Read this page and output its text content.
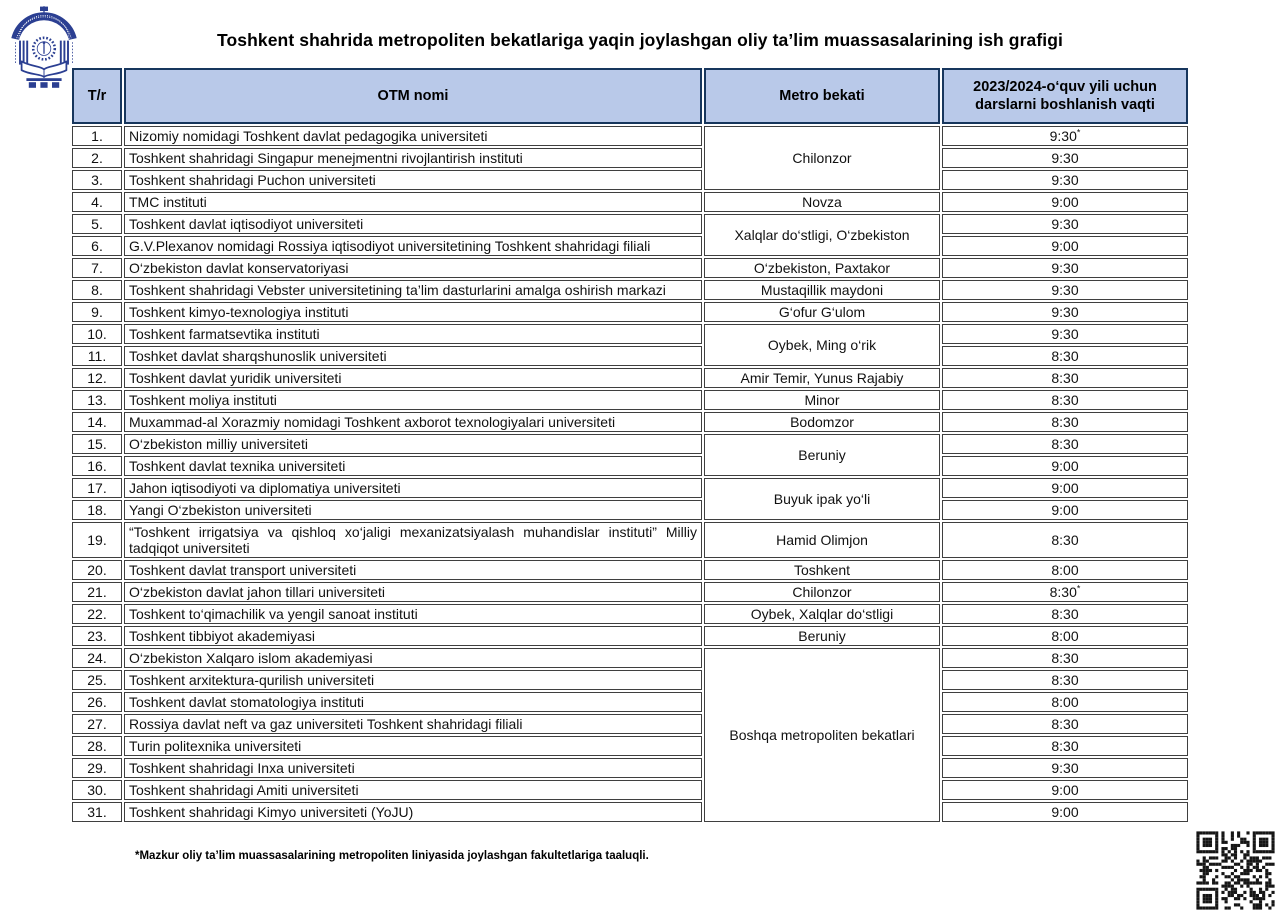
Toshkent shahrida metropoliten bekatlariga yaqin joylashgan oliy ta’lim muassasalarining ish grafigi
T/r	OTM nomi	Metro bekati	2023/2024-o‘quv yili uchun darslarni boshlanish vaqti
1.	Nizomiy nomidagi Toshkent davlat pedagogika universiteti	Chilonzor	9:30*
2.	Toshkent shahridagi Singapur menejmentni rivojlantirish instituti		9:30
3.	Toshkent shahridagi Puchon universiteti		9:30
4.	TMC instituti	Novza	9:00
5.	Toshkent davlat iqtisodiyot universiteti	Xalqlar do‘stligi, O‘zbekiston	9:30
6.	G.V.Plexanov nomidagi Rossiya iqtisodiyot universitetining Toshkent shahridagi filiali		9:00
7.	O‘zbekiston davlat konservatoriyasi	O‘zbekiston, Paxtakor	9:30
8.	Toshkent shahridagi Vebster universitetining ta’lim dasturlarini amalga oshirish markazi	Mustaqillik maydoni	9:30
9.	Toshkent kimyo-texnologiya instituti	G‘ofur G‘ulom	9:30
10.	Toshkent farmatsevtika instituti	Oybek, Ming o‘rik	9:30
11.	Toshket davlat sharqshunoslik universiteti		8:30
12.	Toshkent davlat yuridik universiteti	Amir Temir, Yunus Rajabiy	8:30
13.	Toshkent moliya instituti	Minor	8:30
14.	Muxammad-al Xorazmiy nomidagi Toshkent axborot texnologiyalari universiteti	Bodomzor	8:30
15.	O‘zbekiston milliy universiteti	Beruniy	8:30
16.	Toshkent davlat texnika universiteti		9:00
17.	Jahon iqtisodiyoti va diplomatiya universiteti	Buyuk ipak yo‘li	9:00
18.	Yangi O‘zbekiston universiteti		9:00
19.	“Toshkent irrigatsiya va qishloq xo‘jaligi mexanizatsiyalash muhandislar instituti” Milliy tadqiqot universiteti	Hamid Olimjon	8:30
20.	Toshkent davlat transport universiteti	Toshkent	8:00
21.	O‘zbekiston davlat jahon tillari universiteti	Chilonzor	8:30*
22.	Toshkent to‘qimachilik va yengil sanoat instituti	Oybek, Xalqlar do‘stligi	8:30
23.	Toshkent tibbiyot akademiyasi	Beruniy	8:00
24.	O‘zbekiston Xalqaro islom akademiyasi	Boshqa metropoliten bekatlari	8:30
25.	Toshkent arxitektura-qurilish universiteti		8:30
26.	Toshkent davlat stomatologiya instituti		8:00
27.	Rossiya davlat neft va gaz universiteti Toshkent shahridagi filiali		8:30
28.	Turin politexnika universiteti		8:30
29.	Toshkent shahridagi Inxa universiteti		9:30
30.	Toshkent shahridagi Amiti universiteti		9:00
31.	Toshkent shahridagi Kimyo universiteti (YoJU)		9:00
*Mazkur oliy ta’lim muassasalarining metropoliten liniyasida joylashgan fakultetlariga taaluqli.
